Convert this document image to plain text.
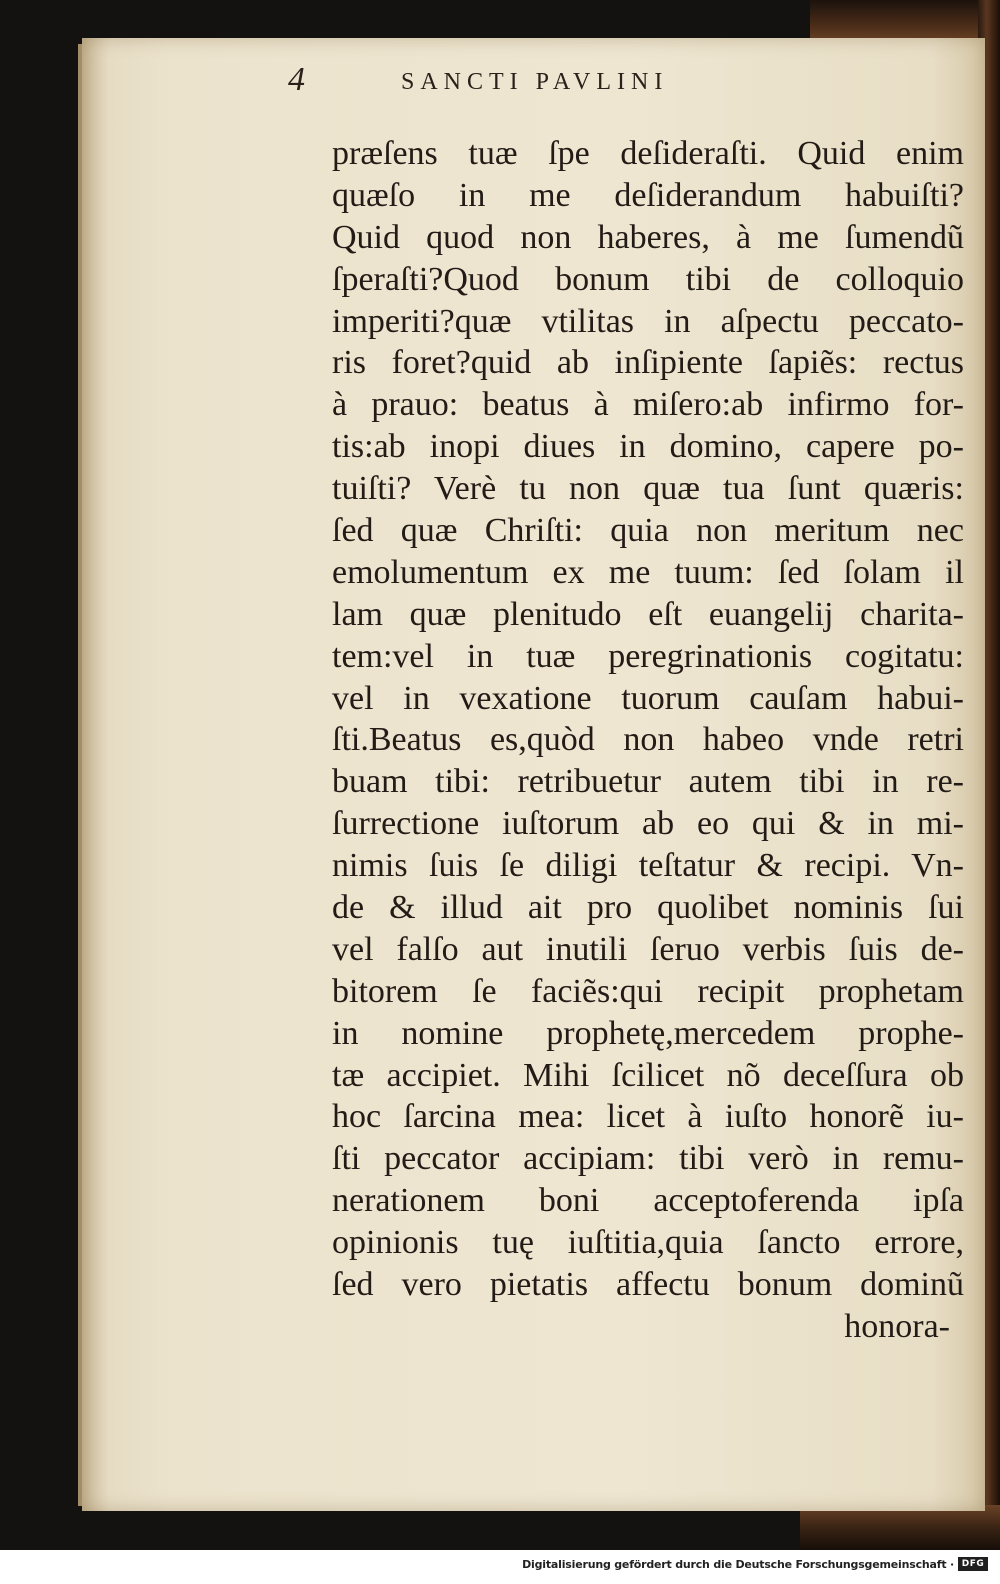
4	SANCTI PAVLINI
præſens tuæ ſpe deſideraſti. Quid enim
quæſo in me deſiderandum habuiſti?
Quid quod non haberes, à me ſumendũ
ſperaſti?Quod bonum tibi de colloquio
imperiti?quæ vtilitas in aſpectu peccato-
ris foret?quid ab inſipiente ſapiẽs: rectus
à prauo: beatus à miſero:ab infirmo for-
tis:ab inopi diues in domino, capere po-
tuiſti? Verè tu non quæ tua ſunt quæris:
ſed quæ Chriſti: quia non meritum nec
emolumentum ex me tuum: ſed ſolam il
lam quæ plenitudo eſt euangelij charita-
tem:vel in tuæ peregrinationis cogitatu:
vel in vexatione tuorum cauſam habui-
ſti.Beatus es,quòd non habeo vnde retri
buam tibi: retribuetur autem tibi in re-
ſurrectione iuſtorum ab eo qui & in mi-
nimis ſuis ſe diligi teſtatur & recipi. Vn-
de & illud ait pro quolibet nominis ſui
vel falſo aut inutili ſeruo verbis ſuis de-
bitorem ſe faciẽs:qui recipit prophetam
in nomine prophetę,mercedem prophe-
tæ accipiet. Mihi ſcilicet nõ deceſſura ob
hoc ſarcina mea: licet à iuſto honorẽ iu-
ſti peccator accipiam: tibi verò in remu-
nerationem boni acceptoferenda ipſa
opinionis tuę iuſtitia,quia ſancto errore,
ſed vero pietatis affectu bonum dominũ
honora-
Digitalisierung gefördert durch die Deutsche Forschungsgemeinschaft · DFG
